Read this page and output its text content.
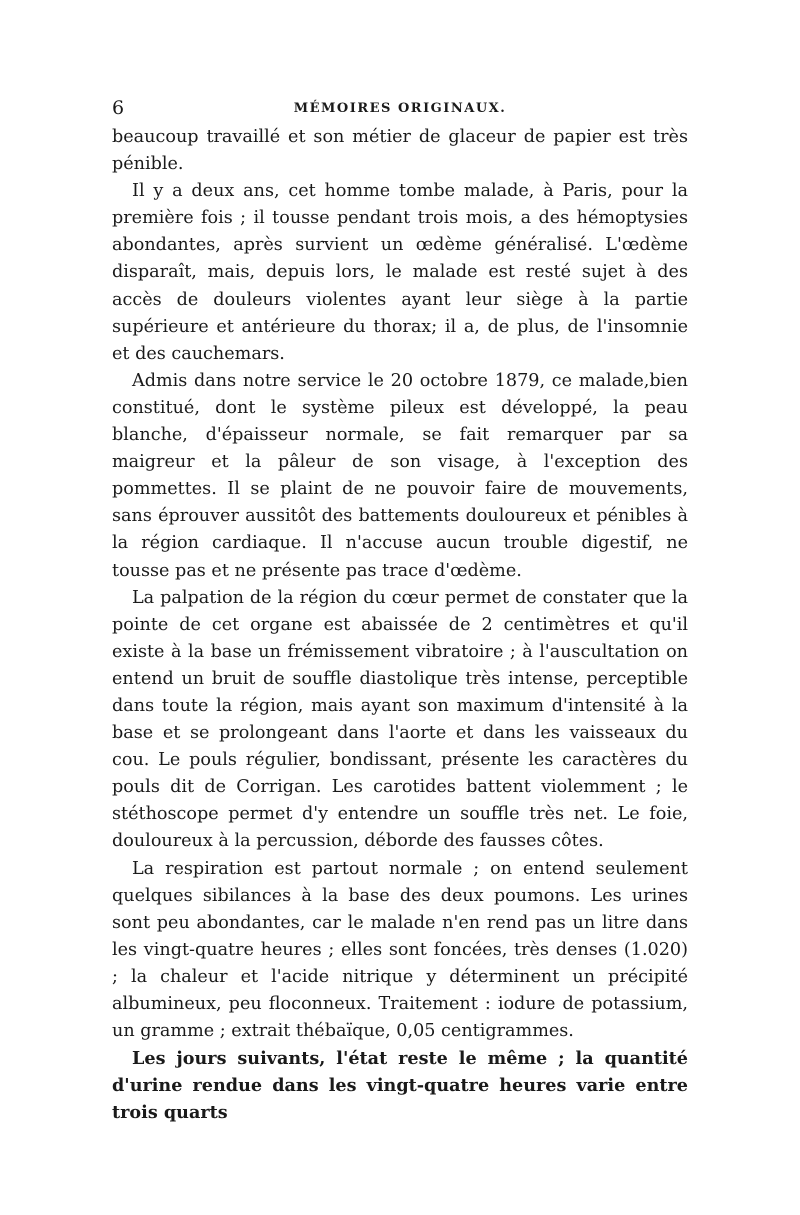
6	MÉMOIRES ORIGINAUX.

beaucoup travaillé et son métier de glaceur de papier est très pénible.

Il y a deux ans, cet homme tombe malade, à Paris, pour la première fois ; il tousse pendant trois mois, a des hémoptysies abondantes, après survient un œdème généralisé. L'œdème disparaît, mais, depuis lors, le malade est resté sujet à des accès de douleurs violentes ayant leur siège à la partie supérieure et antérieure du thorax; il a, de plus, de l'insomnie et des cauchemars.

Admis dans notre service le 20 octobre 1879, ce malade,bien constitué, dont le système pileux est développé, la peau blanche, d'épaisseur normale, se fait remarquer par sa maigreur et la pâleur de son visage, à l'exception des pommettes. Il se plaint de ne pouvoir faire de mouvements, sans éprouver aussitôt des battements douloureux et pénibles à la région cardiaque. Il n'accuse aucun trouble digestif, ne tousse pas et ne présente pas trace d'œdème.

La palpation de la région du cœur permet de constater que la pointe de cet organe est abaissée de 2 centimètres et qu'il existe à la base un frémissement vibratoire ; à l'auscultation on entend un bruit de souffle diastolique très intense, perceptible dans toute la région, mais ayant son maximum d'intensité à la base et se prolongeant dans l'aorte et dans les vaisseaux du cou. Le pouls régulier, bondissant, présente les caractères du pouls dit de Corrigan. Les carotides battent violemment ; le stéthoscope permet d'y entendre un souffle très net. Le foie, douloureux à la percussion, déborde des fausses côtes.

La respiration est partout normale ; on entend seulement quelques sibilances à la base des deux poumons. Les urines sont peu abondantes, car le malade n'en rend pas un litre dans les vingt-quatre heures ; elles sont foncées, très denses (1.020) ; la chaleur et l'acide nitrique y déterminent un précipité albumineux, peu floconneux. Traitement : iodure de potassium, un gramme ; extrait thébaïque, 0,05 centigrammes.

Les jours suivants, l'état reste le même ; la quantité d'urine rendue dans les vingt-quatre heures varie entre trois quarts
